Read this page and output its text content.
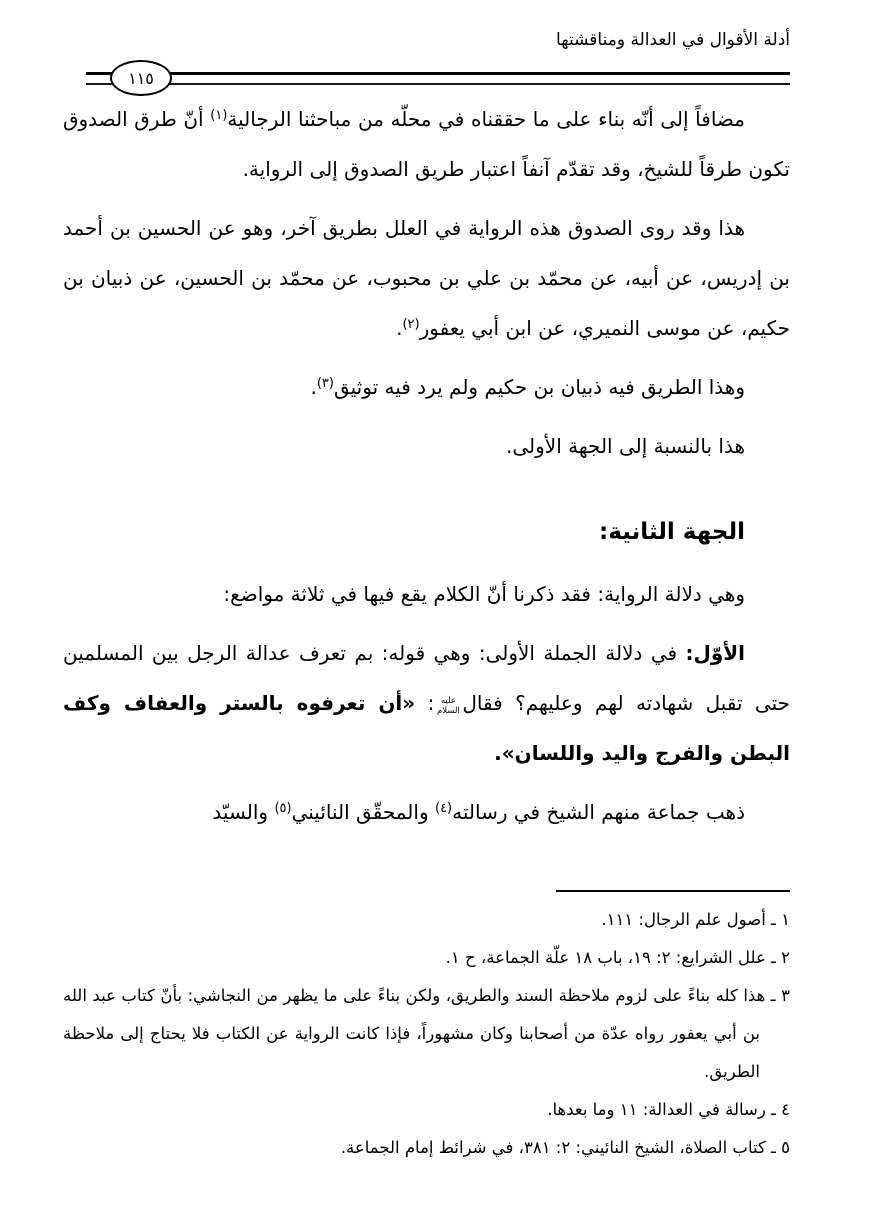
أدلة الأقوال في العدالة ومناقشتها
١١٥

مضافاً إلى أنّه بناء على ما حققناه في محلّه من مباحثنا الرجالية$^{(١)}$ أنّ طرق الصدوق تكون طرقاً للشيخ، وقد تقدّم آنفاً اعتبار طريق الصدوق إلى الرواية.

هذا وقد روى الصدوق هذه الرواية في العلل بطريق آخر، وهو عن الحسين بن أحمد بن إدريس، عن أبيه، عن محمّد بن علي بن محبوب، عن محمّد بن الحسين، عن ذبيان بن حكيم، عن موسى النميري، عن ابن أبي يعفور$^{(٢)}$.

وهذا الطريق فيه ذبيان بن حكيم ولم يرد فيه توثيق$^{(٣)}$.

هذا بالنسبة إلى الجهة الأولى.

الجهة الثانية:

وهي دلالة الرواية: فقد ذكرنا أنّ الكلام يقع فيها في ثلاثة مواضع:

الأوّل: في دلالة الجملة الأولى: وهي قوله: بم تعرف عدالة الرجل بين المسلمين حتى تقبل شهادته لهم وعليهم؟ فقالعليه السلام: «أن تعرفوه بالستر والعفاف وكف البطن والفرج واليد واللسان».

ذهب جماعة منهم الشيخ في رسالته$^{(٤)}$ والمحقّق النائيني$^{(٥)}$ والسيّد

١ ـ أصول علم الرجال: ١١١.
٢ ـ علل الشرايع: ٢: ١٩، باب ١٨ علّة الجماعة، ح ١.
٣ ـ هذا كله بناءً على لزوم ملاحظة السند والطريق، ولكن بناءً على ما يظهر من النجاشي: بأنّ كتاب عبد الله بن أبي يعفور رواه عدّة من أصحابنا وكان مشهوراً، فإذا كانت الرواية عن الكتاب فلا يحتاج إلى ملاحظة الطريق.
٤ ـ رسالة في العدالة: ١١ وما بعدها.
٥ ـ كتاب الصلاة، الشيخ النائيني: ٢: ٣٨١، في شرائط إمام الجماعة.
